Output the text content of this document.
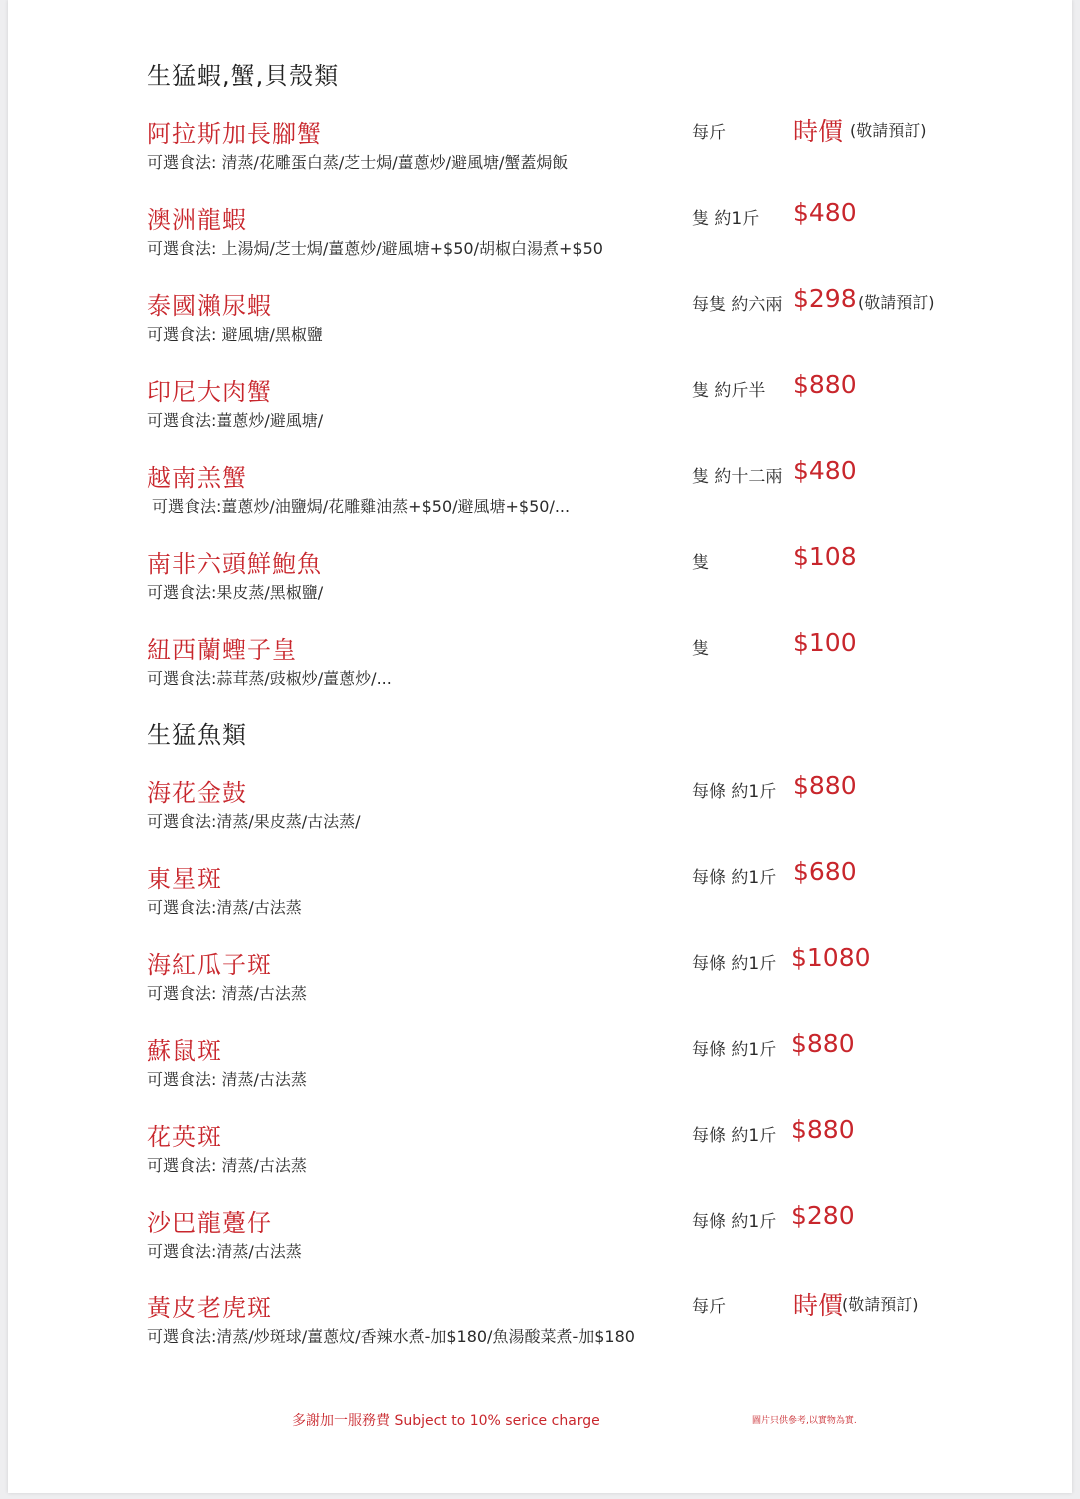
生猛蝦,蟹,貝殼類
阿拉斯加長腳蟹	每斤	時價 (敬請預訂)
可選食法: 清蒸/花雕蛋白蒸/芝士焗/薑蔥炒/避風塘/蟹蓋焗飯
澳洲龍蝦	隻 約1斤 $480
可選食法: 上湯焗/芝士焗/薑蔥炒/避風塘+$50/胡椒白湯煮+$50
泰國瀨尿蝦	每隻 約六兩 $298 (敬請預訂)
可選食法: 避風塘/黑椒鹽
印尼大肉蟹	隻 約斤半 $880
可選食法:薑蔥炒/避風塘/
越南羔蟹	隻 約十二兩 $480
可選食法:薑蔥炒/油鹽焗/花雕雞油蒸+$50/避風塘+$50/...
南非六頭鮮鮑魚	隻	$108
可選食法:果皮蒸/黑椒鹽/
紐西蘭蟶子皇	隻	$100
可選食法:蒜茸蒸/豉椒炒/薑蔥炒/...
生猛魚類
海花金鼓	每條 約1斤 $880
可選食法:清蒸/果皮蒸/古法蒸/
東星斑	每條 約1斤 $680
可選食法:清蒸/古法蒸
海紅瓜子斑	每條 約1斤 $1080
可選食法: 清蒸/古法蒸
蘇鼠斑	每條 約1斤 $880
可選食法: 清蒸/古法蒸
花英斑	每條 約1斤 $880
可選食法: 清蒸/古法蒸
沙巴龍躉仔	每條 約1斤 $280
可選食法:清蒸/古法蒸
黃皮老虎斑	每斤	時價
(敬請預訂)
可選食法:清蒸/炒斑球/薑蔥炆/香辣水煮-加$180/魚湯酸菜煮-加$180
多謝加一服務費 Subject to 10% serice charge	圖片只供參考,以實物為實.
